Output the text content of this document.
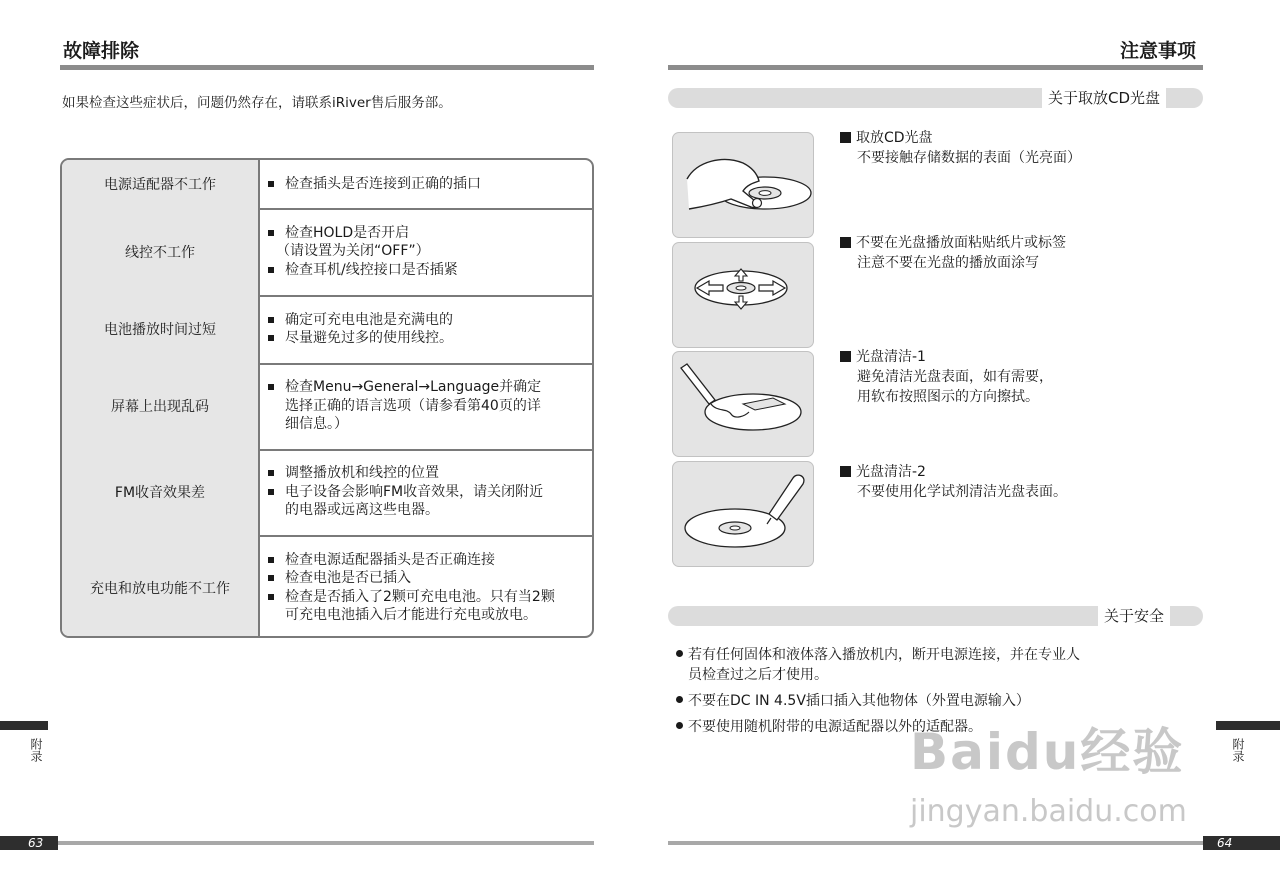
故障排除
如果检查这些症状后，问题仍然存在，请联系iRiver售后服务部。
电源适配器不工作	检查插头是否连接到正确的插口
线控不工作
检查HOLD是否开启
（请设置为关闭“OFF”）
检查耳机/线控接口是否插紧
电池播放时间过短
确定可充电电池是充满电的
尽量避免过多的使用线控。
屏幕上出现乱码
检查Menu→General→Language并确定
选择正确的语言选项（请参看第40页的详
细信息。）
FM收音效果差
调整播放机和线控的位置
电子设备会影响FM收音效果，请关闭附近
的电器或远离这些电器。
充电和放电功能不工作
检查电源适配器插头是否正确连接
检查电池是否已插入
检查是否插入了2颗可充电电池。只有当2颗
可充电电池插入后才能进行充电或放电。
附录
63
注意事项
关于取放CD光盘
取放CD光盘
不要接触存储数据的表面（光亮面）
不要在光盘播放面粘贴纸片或标签
注意不要在光盘的播放面涂写
光盘清洁-1
避免清洁光盘表面，如有需要，
用软布按照图示的方向擦拭。
光盘清洁-2
不要使用化学试剂清洁光盘表面。
关于安全
若有任何固体和液体落入播放机内，断开电源连接，并在专业人
员检查过之后才使用。
不要在DC IN 4.5V插口插入其他物体（外置电源输入）
不要使用随机附带的电源适配器以外的适配器。
Baidu经验
jingyan.baidu.com
附录
64
